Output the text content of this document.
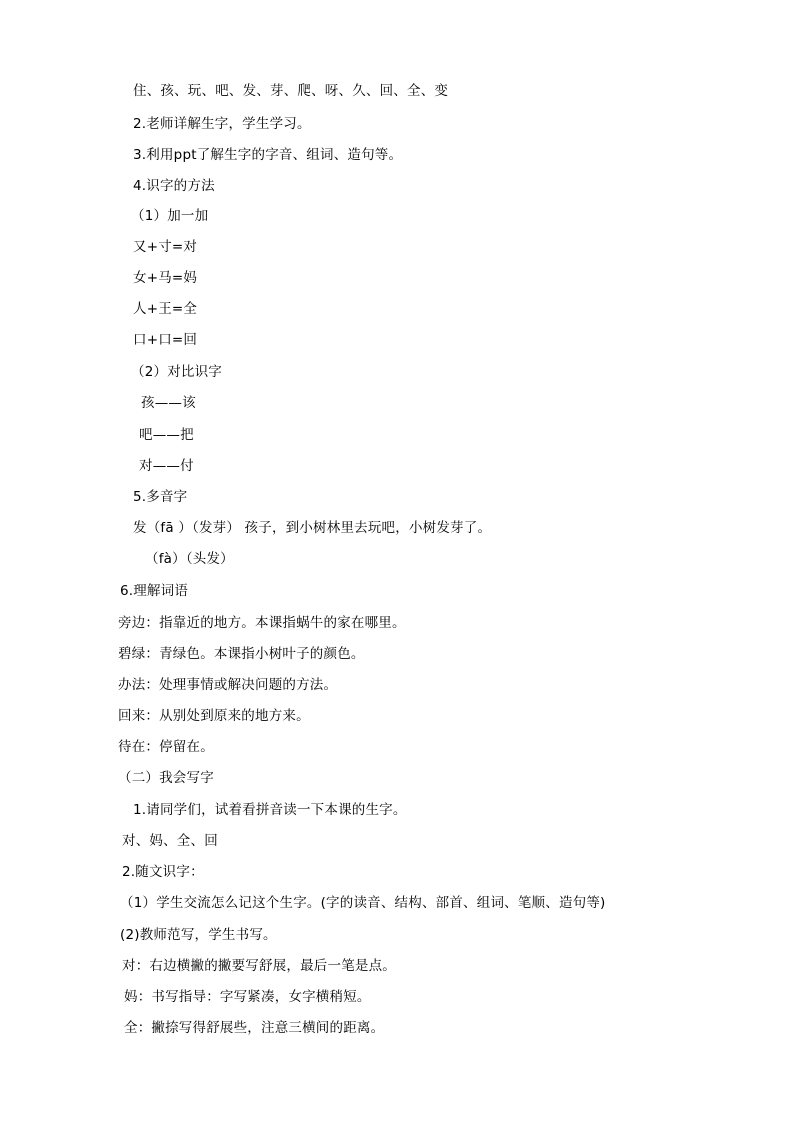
住、孩、玩、吧、发、芽、爬、呀、久、回、全、变
2.老师详解生字，学生学习。
3.利用ppt了解生字的字音、组词、造句等。
4.识字的方法
（1）加一加
又+寸=对
女+马=妈
人+王=全
口+口=回
（2）对比识字
孩——该
吧——把
对——付
5.多音字
发（fā ）（发芽） 孩子，到小树林里去玩吧，小树发芽了。
（fà）（头发）
6.理解词语
旁边：指靠近的地方。本课指蜗牛的家在哪里。
碧绿：青绿色。本课指小树叶子的颜色。
办法：处理事情或解决问题的方法。
回来：从别处到原来的地方来。
待在：停留在。
（二）我会写字
1.请同学们，试着看拼音读一下本课的生字。
对、妈、全、回
2.随文识字：
（1）学生交流怎么记这个生字。(字的读音、结构、部首、组词、笔顺、造句等)
(2)教师范写，学生书写。
对：右边横撇的撇要写舒展，最后一笔是点。
妈：书写指导：字写紧凑，女字横稍短。
全：撇捺写得舒展些，注意三横间的距离。
